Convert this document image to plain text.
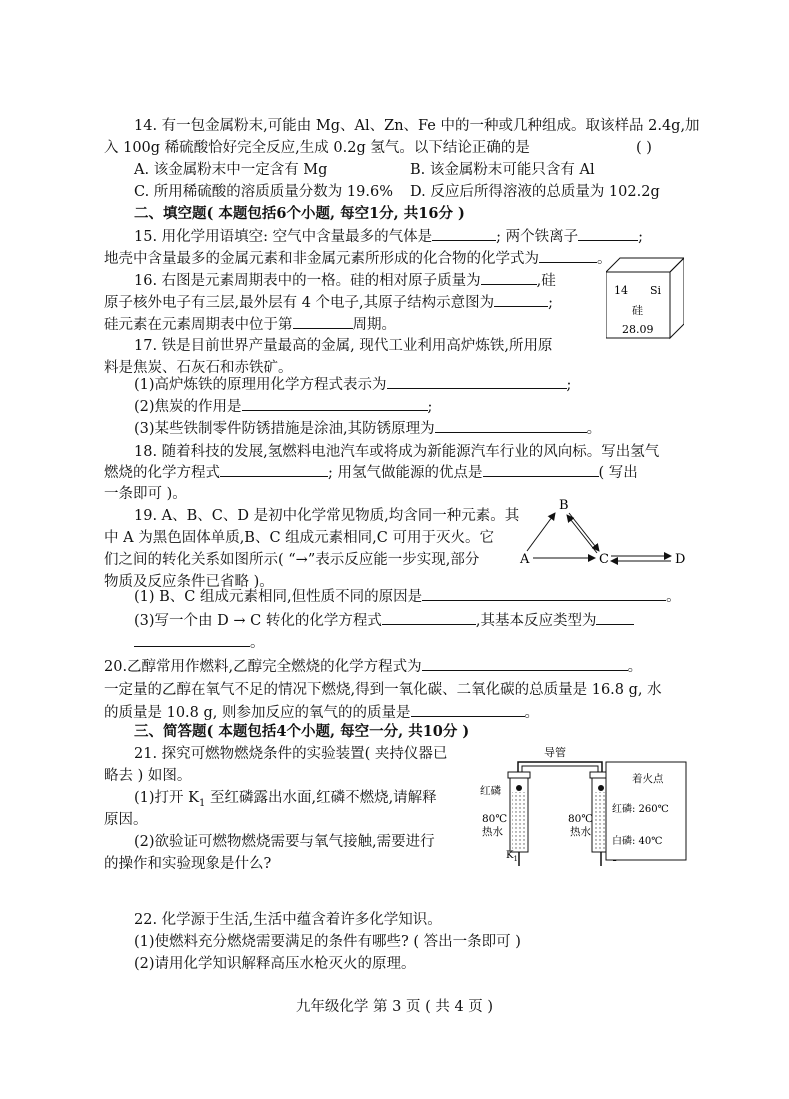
14. 有一包金属粉末,可能由 Mg、Al、Zn、Fe 中的一种或几种组成。取该样品 2.4g,加
入 100g 稀硫酸恰好完全反应,生成 0.2g 氢气。以下结论正确的是	( )
A. 该金属粉末中一定含有 Mg	B. 该金属粉末可能只含有 Al
C. 所用稀硫酸的溶质质量分数为 19.6% D. 反应后所得溶液的总质量为 102.2g
二、填空题( 本题包括6个小题, 每空1分, 共16分 )
15. 用化学用语填空: 空气中含量最多的气体是	; 两个铁离子	;
地壳中含量最多的金属元素和非金属元素所形成的化合物的化学式为	。
16. 右图是元素周期表中的一格。硅的相对原子质量为	,硅
原子核外电子有三层,最外层有 4 个电子,其原子结构示意图为	;
硅元素在元素周期表中位于第	周期。
14 Si
硅
28.09
17. 铁是目前世界产量最高的金属, 现代工业利用高炉炼铁,所用原
料是焦炭、石灰石和赤铁矿。
(1)高炉炼铁的原理用化学方程式表示为	;
(2)焦炭的作用是	;
(3)某些铁制零件防锈措施是涂油,其防锈原理为	。
18. 随着科技的发展,氢燃料电池汽车或将成为新能源汽车行业的风向标。写出氢气
燃烧的化学方程式	; 用氢气做能源的优点是	( 写出
一条即可 )。
19. A、B、C、D 是初中化学常见物质,均含同一种元素。其
中 A 为黑色固体单质,B、C 组成元素相同,C 可用于灭火。它
们之间的转化关系如图所示( “→”表示反应能一步实现,部分
物质及反应条件已省略 )。
B
A	C	D
(1) B、C 组成元素相同,但性质不同的原因是	。
(3)写一个由 D → C 转化的化学方程式	,其基本反应类型为
。
20.乙醇常用作燃料,乙醇完全燃烧的化学方程式为	。
一定量的乙醇在氧气不足的情况下燃烧,得到一氧化碳、二氧化碳的总质量是 16.8 g, 水
的质量是 10.8 g, 则参加反应的氧气的的质量是	。
三、简答题( 本题包括4个小题, 每空一分, 共10分 )
21. 探究可燃物燃烧条件的实验装置( 夹持仪器已
略去 ) 如图。
(1)打开 $K_1$ 至红磷露出水面,红磷不燃烧,请解释
原因。
(2)欲验证可燃物燃烧需要与氧气接触,需要进行
的操作和实验现象是什么?
导管
红磷
80℃
热水
80℃
热水
$K_1$
着火点
红磷: 260℃
白磷: 40℃
22. 化学源于生活,生活中蕴含着许多化学知识。
(1)使燃料充分燃烧需要满足的条件有哪些? ( 答出一条即可 )
(2)请用化学知识解释高压水枪灭火的原理。
九年级化学 第 3 页 ( 共 4 页 )
